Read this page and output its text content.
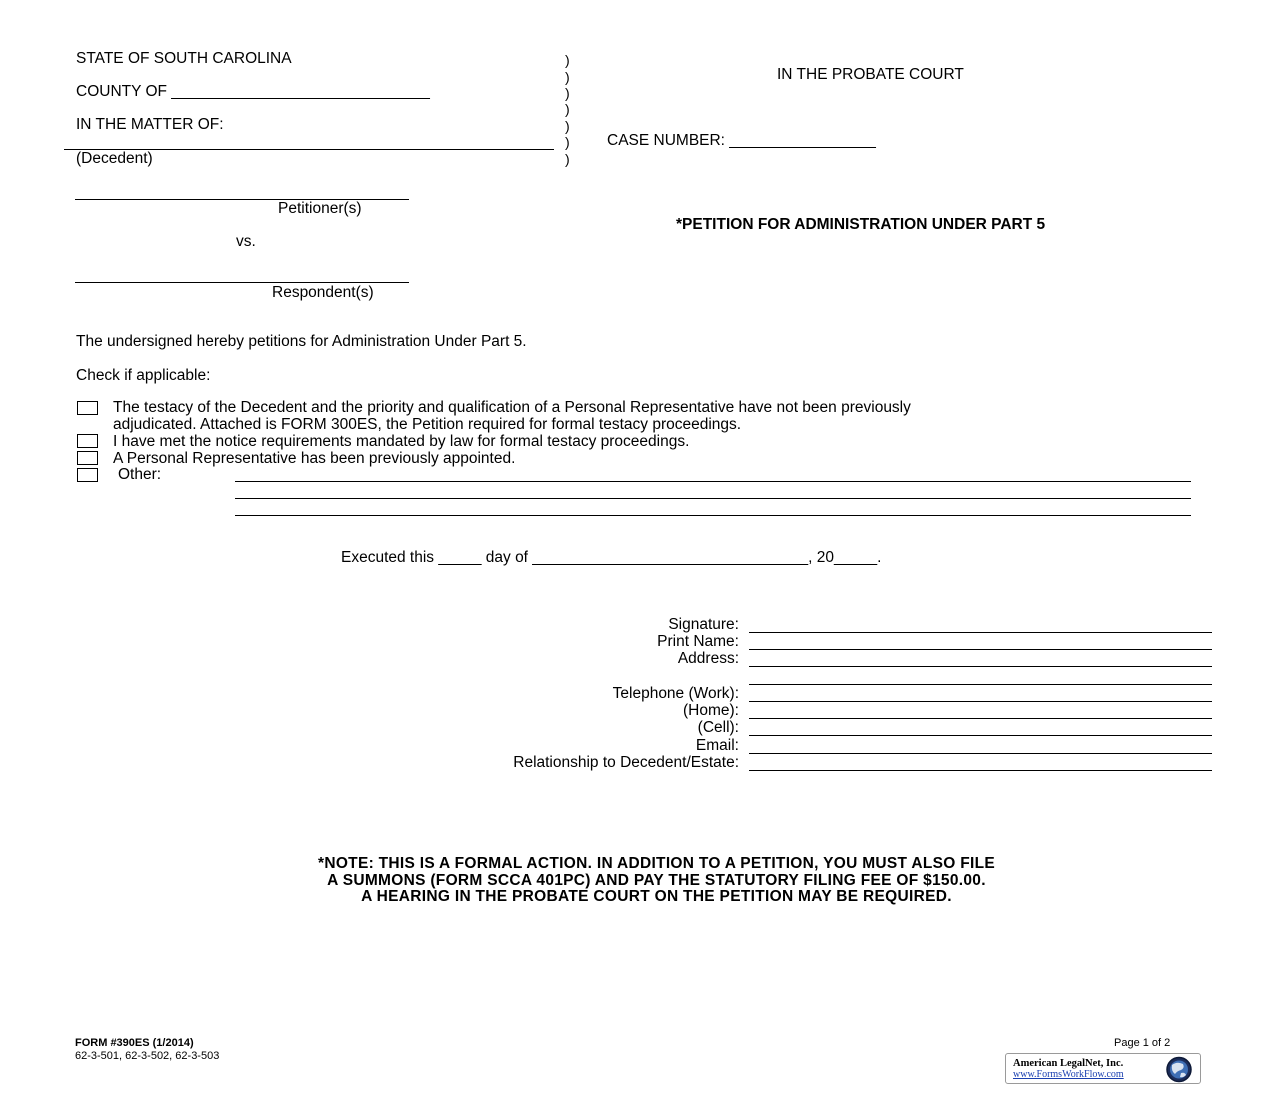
STATE OF SOUTH CAROLINA
COUNTY OF ______________________________
IN THE MATTER OF:
(Decedent)
)
)
)
)
)
)
)
IN THE PROBATE COURT
CASE NUMBER: _________________
Petitioner(s)
vs.
Respondent(s)
*PETITION FOR ADMINISTRATION UNDER PART 5
The undersigned hereby petitions for Administration Under Part 5.
Check if applicable:
The testacy of the Decedent and the priority and qualification of a Personal Representative have not been previously
adjudicated. Attached is FORM 300ES, the Petition required for formal testacy proceedings.
I have met the notice requirements mandated by law for formal testacy proceedings.
A Personal Representative has been previously appointed.
Other:
Executed this _____ day of ________________________________, 20_____.
Signature:
Print Name:
Address:
Telephone (Work):
(Home):
(Cell):
Email:
Relationship to Decedent/Estate:
*NOTE: THIS IS A FORMAL ACTION. IN ADDITION TO A PETITION, YOU MUST ALSO FILE
A SUMMONS (FORM SCCA 401PC) AND PAY THE STATUTORY FILING FEE OF $150.00.
A HEARING IN THE PROBATE COURT ON THE PETITION MAY BE REQUIRED.
FORM #390ES (1/2014)
62-3-501, 62-3-502, 62-3-503
Page 1 of 2
American LegalNet, Inc.
www.FormsWorkFlow.com
